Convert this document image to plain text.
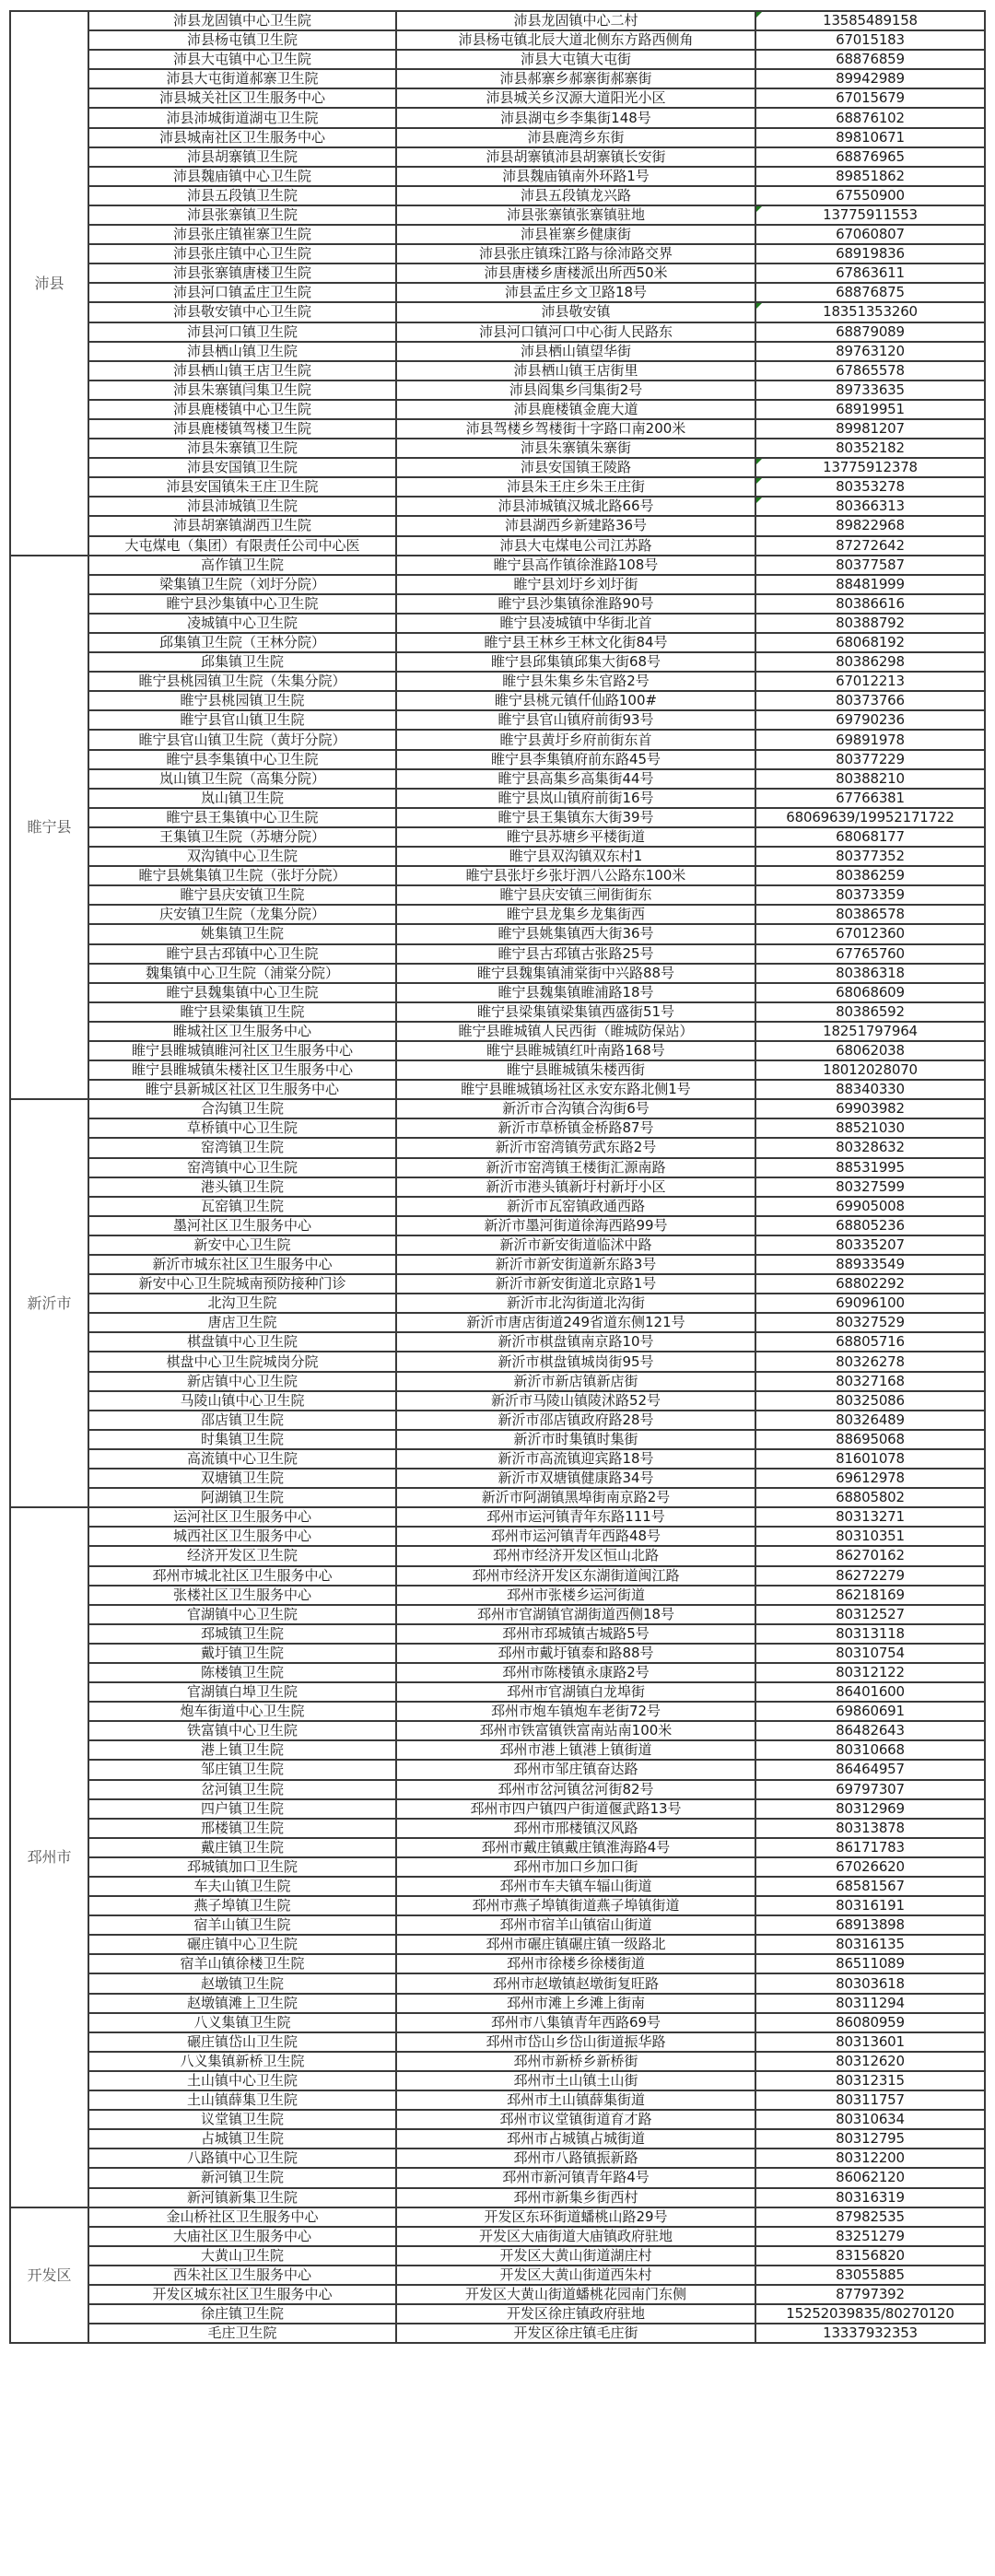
沛县	沛县龙固镇中心卫生院	沛县龙固镇中心二村	13585489158
	沛县杨屯镇卫生院	沛县杨屯镇北辰大道北侧东方路西侧角	67015183
	沛县大屯镇中心卫生院	沛县大屯镇大屯街	68876859
	沛县大屯街道郝寨卫生院	沛县郝寨乡郝寨街郝寨街	89942989
	沛县城关社区卫生服务中心	沛县城关乡汉源大道阳光小区	67015679
	沛县沛城街道湖屯卫生院	沛县湖屯乡李集街148号	68876102
	沛县城南社区卫生服务中心	沛县鹿湾乡东街	89810671
	沛县胡寨镇卫生院	沛县胡寨镇沛县胡寨镇长安街	68876965
	沛县魏庙镇中心卫生院	沛县魏庙镇南外环路1号	89851862
	沛县五段镇卫生院	沛县五段镇龙兴路	67550900
	沛县张寨镇卫生院	沛县张寨镇张寨镇驻地	13775911553
	沛县张庄镇崔寨卫生院	沛县崔寨乡健康街	67060807
	沛县张庄镇中心卫生院	沛县张庄镇珠江路与徐沛路交界	68919836
	沛县张寨镇唐楼卫生院	沛县唐楼乡唐楼派出所西50米	67863611
	沛县河口镇孟庄卫生院	沛县孟庄乡文卫路18号	68876875
	沛县敬安镇中心卫生院	沛县敬安镇	18351353260
	沛县河口镇卫生院	沛县河口镇河口中心街人民路东	68879089
	沛县栖山镇卫生院	沛县栖山镇望华街	89763120
	沛县栖山镇王店卫生院	沛县栖山镇王店街里	67865578
	沛县朱寨镇闫集卫生院	沛县阎集乡闫集街2号	89733635
	沛县鹿楼镇中心卫生院	沛县鹿楼镇金鹿大道	68919951
	沛县鹿楼镇驾楼卫生院	沛县驾楼乡驾楼街十字路口南200米	89981207
	沛县朱寨镇卫生院	沛县朱寨镇朱寨街	80352182
	沛县安国镇卫生院	沛县安国镇王陵路	13775912378
	沛县安国镇朱王庄卫生院	沛县朱王庄乡朱王庄街	80353278
	沛县沛城镇卫生院	沛县沛城镇汉城北路66号	80366313
	沛县胡寨镇湖西卫生院	沛县湖西乡新建路36号	89822968
	大屯煤电（集团）有限责任公司中心医	沛县大屯煤电公司江苏路	87272642
睢宁县	高作镇卫生院	睢宁县高作镇徐淮路108号	80377587
	梁集镇卫生院（刘圩分院）	睢宁县刘圩乡刘圩街	88481999
	睢宁县沙集镇中心卫生院	睢宁县沙集镇徐淮路90号	80386616
	凌城镇中心卫生院	睢宁县凌城镇中华街北首	80388792
	邱集镇卫生院（王林分院）	睢宁县王林乡王林文化街84号	68068192
	邱集镇卫生院	睢宁县邱集镇邱集大街68号	80386298
	睢宁县桃园镇卫生院（朱集分院）	睢宁县朱集乡朱官路2号	67012213
	睢宁县桃园镇卫生院	睢宁县桃元镇仟仙路100#	80373766
	睢宁县官山镇卫生院	睢宁县官山镇府前街93号	69790236
	睢宁县官山镇卫生院（黄圩分院）	睢宁县黄圩乡府前街东首	69891978
	睢宁县李集镇中心卫生院	睢宁县李集镇府前东路45号	80377229
	岚山镇卫生院（高集分院）	睢宁县高集乡高集街44号	80388210
	岚山镇卫生院	睢宁县岚山镇府前街16号	67766381
	睢宁县王集镇中心卫生院	睢宁县王集镇东大街39号	68069639/19952171722
	王集镇卫生院（苏塘分院）	睢宁县苏塘乡平楼街道	68068177
	双沟镇中心卫生院	睢宁县双沟镇双东村1	80377352
	睢宁县姚集镇卫生院（张圩分院）	睢宁县张圩乡张圩泗八公路东100米	80386259
	睢宁县庆安镇卫生院	睢宁县庆安镇三闸街街东	80373359
	庆安镇卫生院（龙集分院）	睢宁县龙集乡龙集街西	80386578
	姚集镇卫生院	睢宁县姚集镇西大街36号	67012360
	睢宁县古邳镇中心卫生院	睢宁县古邳镇古张路25号	67765760
	魏集镇中心卫生院（浦棠分院）	睢宁县魏集镇浦棠街中兴路88号	80386318
	睢宁县魏集镇中心卫生院	睢宁县魏集镇睢浦路18号	68068609
	睢宁县梁集镇卫生院	睢宁县梁集镇梁集镇西盛街51号	80386592
	睢城社区卫生服务中心	睢宁县睢城镇人民西街（睢城防保站）	18251797964
	睢宁县睢城镇睢河社区卫生服务中心	睢宁县睢城镇红叶南路168号	68062038
	睢宁县睢城镇朱楼社区卫生服务中心	睢宁县睢城镇朱楼西街	18012028070
	睢宁县新城区社区卫生服务中心	睢宁县睢城镇场社区永安东路北侧1号	88340330
新沂市	合沟镇卫生院	新沂市合沟镇合沟街6号	69903982
	草桥镇中心卫生院	新沂市草桥镇金桥路87号	88521030
	窑湾镇卫生院	新沂市窑湾镇劳武东路2号	80328632
	窑湾镇中心卫生院	新沂市窑湾镇王楼街汇源南路	88531995
	港头镇卫生院	新沂市港头镇新圩村新圩小区	80327599
	瓦窑镇卫生院	新沂市瓦窑镇政通西路	69905008
	墨河社区卫生服务中心	新沂市墨河街道徐海西路99号	68805236
	新安中心卫生院	新沂市新安街道临沭中路	80335207
	新沂市城东社区卫生服务中心	新沂市新安街道新东路3号	88933549
	新安中心卫生院城南预防接种门诊	新沂市新安街道北京路1号	68802292
	北沟卫生院	新沂市北沟街道北沟街	69096100
	唐店卫生院	新沂市唐店街道249省道东侧121号	80327529
	棋盘镇中心卫生院	新沂市棋盘镇南京路10号	68805716
	棋盘中心卫生院城岗分院	新沂市棋盘镇城岗街95号	80326278
	新店镇中心卫生院	新沂市新店镇新店街	80327168
	马陵山镇中心卫生院	新沂市马陵山镇陵沭路52号	80325086
	邵店镇卫生院	新沂市邵店镇政府路28号	80326489
	时集镇卫生院	新沂市时集镇时集街	88695068
	高流镇中心卫生院	新沂市高流镇迎宾路18号	81601078
	双塘镇卫生院	新沂市双塘镇健康路34号	69612978
	阿湖镇卫生院	新沂市阿湖镇黑埠街南京路2号	68805802
邳州市	运河社区卫生服务中心	邳州市运河镇青年东路111号	80313271
	城西社区卫生服务中心	邳州市运河镇青年西路48号	80310351
	经济开发区卫生院	邳州市经济开发区恒山北路	86270162
	邳州市城北社区卫生服务中心	邳州市经济开发区东湖街道闽江路	86272279
	张楼社区卫生服务中心	邳州市张楼乡运河街道	86218169
	官湖镇中心卫生院	邳州市官湖镇官湖街道西侧18号	80312527
	邳城镇卫生院	邳州市邳城镇古城路5号	80313118
	戴圩镇卫生院	邳州市戴圩镇泰和路88号	80310754
	陈楼镇卫生院	邳州市陈楼镇永康路2号	80312122
	官湖镇白埠卫生院	邳州市官湖镇白龙埠街	86401600
	炮车街道中心卫生院	邳州市炮车镇炮车老街72号	69860691
	铁富镇中心卫生院	邳州市铁富镇铁富南站南100米	86482643
	港上镇卫生院	邳州市港上镇港上镇街道	80310668
	邹庄镇卫生院	邳州市邹庄镇奋达路	86464957
	岔河镇卫生院	邳州市岔河镇岔河街82号	69797307
	四户镇卫生院	邳州市四户镇四户街道偃武路13号	80312969
	邢楼镇卫生院	邳州市邢楼镇汉风路	80313878
	戴庄镇卫生院	邳州市戴庄镇戴庄镇淮海路4号	86171783
	邳城镇加口卫生院	邳州市加口乡加口街	67026620
	车夫山镇卫生院	邳州市车夫镇车辐山街道	68581567
	燕子埠镇卫生院	邳州市燕子埠镇街道燕子埠镇街道	80316191
	宿羊山镇卫生院	邳州市宿羊山镇宿山街道	68913898
	碾庄镇中心卫生院	邳州市碾庄镇碾庄镇一级路北	80316135
	宿羊山镇徐楼卫生院	邳州市徐楼乡徐楼街道	86511089
	赵墩镇卫生院	邳州市赵墩镇赵墩街复旺路	80303618
	赵墩镇滩上卫生院	邳州市滩上乡滩上街南	80311294
	八义集镇卫生院	邳州市八集镇青年西路69号	86080959
	碾庄镇岱山卫生院	邳州市岱山乡岱山街道振华路	80313601
	八义集镇新桥卫生院	邳州市新桥乡新桥街	80312620
	土山镇中心卫生院	邳州市土山镇土山街	80312315
	土山镇薛集卫生院	邳州市土山镇薛集街道	80311757
	议堂镇卫生院	邳州市议堂镇街道育才路	80310634
	占城镇卫生院	邳州市占城镇占城街道	80312795
	八路镇中心卫生院	邳州市八路镇振新路	80312200
	新河镇卫生院	邳州市新河镇青年路4号	86062120
	新河镇新集卫生院	邳州市新集乡街西村	80316319
开发区	金山桥社区卫生服务中心	开发区东环街道蟠桃山路29号	87982535
	大庙社区卫生服务中心	开发区大庙街道大庙镇政府驻地	83251279
	大黄山卫生院	开发区大黄山街道湖庄村	83156820
	西朱社区卫生服务中心	开发区大黄山街道西朱村	83055885
	开发区城东社区卫生服务中心	开发区大黄山街道蟠桃花园南门东侧	87797392
	徐庄镇卫生院	开发区徐庄镇政府驻地	15252039835/80270120
	毛庄卫生院	开发区徐庄镇毛庄街	13337932353
